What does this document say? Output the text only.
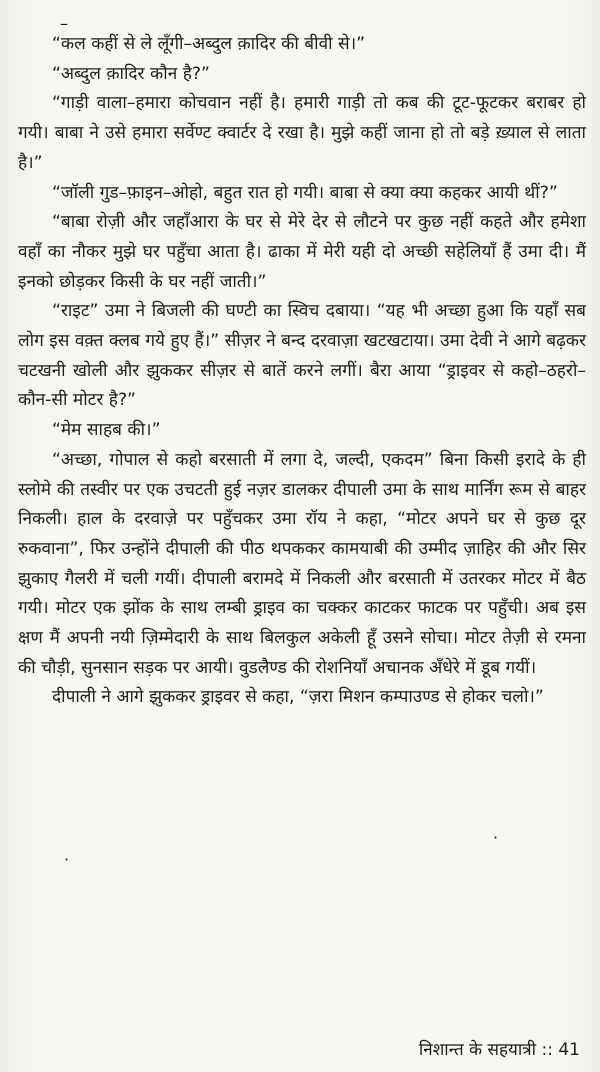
–

“कल कहीं से ले लूँगी–अब्दुल क़ादिर की बीवी से।”

“अब्दुल क़ादिर कौन है?”

“गाड़ी वाला–हमारा कोचवान नहीं है। हमारी गाड़ी तो कब की टूट-फूटकर बराबर हो गयी। बाबा ने उसे हमारा सर्वेण्ट क्वार्टर दे रखा है। मुझे कहीं जाना हो तो बड़े ख़्याल से लाता है।”

“जॉली गुड–फ़ाइन–ओहो, बहुत रात हो गयी। बाबा से क्या क्या कहकर आयी थीं?”

“बाबा रोज़ी और जहाँआरा के घर से मेरे देर से लौटने पर कुछ नहीं कहते और हमेशा वहाँ का नौकर मुझे घर पहुँचा आता है। ढाका में मेरी यही दो अच्छी सहेलियाँ हैं उमा दी। मैं इनको छोड़कर किसी के घर नहीं जाती।”

“राइट” उमा ने बिजली की घण्टी का स्विच दबाया। “यह भी अच्छा हुआ कि यहाँ सब लोग इस वक़्त क्लब गये हुए हैं।” सीज़र ने बन्द दरवाज़ा खटखटाया। उमा देवी ने आगे बढ़कर चटखनी खोली और झुककर सीज़र से बातें करने लगीं। बैरा आया “ड्राइवर से कहो–ठहरो–कौन-सी मोटर है?”

“मेम साहब की।”

“अच्छा, गोपाल से कहो बरसाती में लगा दे, जल्दी, एकदम” बिना किसी इरादे के ही स्लोमे की तस्वीर पर एक उचटती हुई नज़र डालकर दीपाली उमा के साथ मार्निंग रूम से बाहर निकली। हाल के दरवाज़े पर पहुँचकर उमा रॉय ने कहा, “मोटर अपने घर से कुछ दूर रुकवाना”, फिर उन्होंने दीपाली की पीठ थपककर कामयाबी की उम्मीद ज़ाहिर की और सिर झुकाए गैलरी में चली गयीं। दीपाली बरामदे में निकली और बरसाती में उतरकर मोटर में बैठ गयी। मोटर एक झोंक के साथ लम्बी ड्राइव का चक्कर काटकर फाटक पर पहुँची। अब इस क्षण मैं अपनी नयी ज़िम्मेदारी के साथ बिलकुल अकेली हूँ उसने सोचा। मोटर तेज़ी से रमना की चौड़ी, सुनसान सड़क पर आयी। वुडलैण्ड की रोशनियाँ अचानक अँधेरे में डूब गयीं।

दीपाली ने आगे झुककर ड्राइवर से कहा, “ज़रा मिशन कम्पाउण्ड से होकर चलो।”

·
·
निशान्त के सहयात्री :: 41
